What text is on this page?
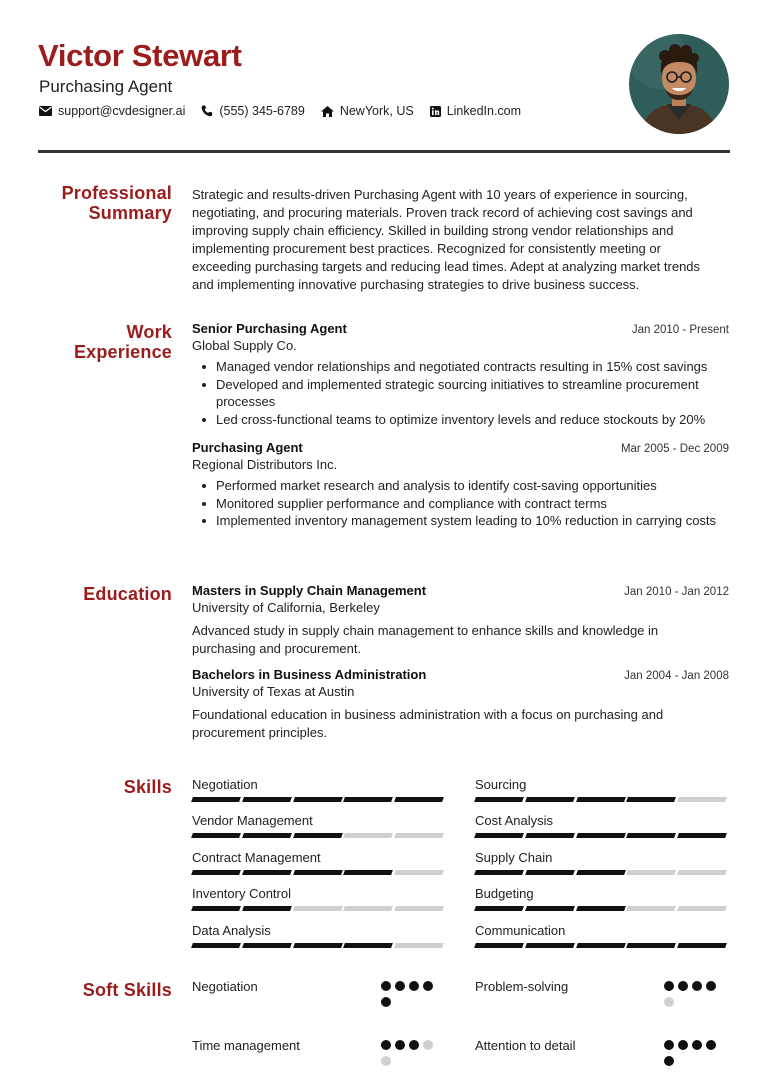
Victor Stewart
Purchasing Agent
support@cvdesigner.ai	(555) 345-6789	NewYork, US	LinkedIn.com
Professional
Summary
Strategic and results-driven Purchasing Agent with 10 years of experience in sourcing, negotiating, and procuring materials. Proven track record of achieving cost savings and improving supply chain efficiency. Skilled in building strong vendor relationships and implementing procurement best practices. Recognized for consistently meeting or exceeding purchasing targets and reducing lead times. Adept at analyzing market trends and implementing innovative purchasing strategies to drive business success.
Work
Experience
Senior Purchasing Agent	Jan 2010 - Present
Global Supply Co.
Managed vendor relationships and negotiated contracts resulting in 15% cost savings
Developed and implemented strategic sourcing initiatives to streamline procurement processes
Led cross-functional teams to optimize inventory levels and reduce stockouts by 20%
Purchasing Agent	Mar 2005 - Dec 2009
Regional Distributors Inc.
Performed market research and analysis to identify cost-saving opportunities
Monitored supplier performance and compliance with contract terms
Implemented inventory management system leading to 10% reduction in carrying costs
Education Masters in Supply Chain Management	Jan 2010 - Jan 2012
University of California, Berkeley
Advanced study in supply chain management to enhance skills and knowledge in purchasing and procurement.
Bachelors in Business Administration	Jan 2004 - Jan 2008
University of Texas at Austin
Foundational education in business administration with a focus on purchasing and procurement principles.
Skills Negotiation	Sourcing
Vendor Management	Cost Analysis
Contract Management	Supply Chain
Inventory Control	Budgeting
Data Analysis	Communication
Soft Skills Negotiation	Problem-solving
Time management	Attention to detail
